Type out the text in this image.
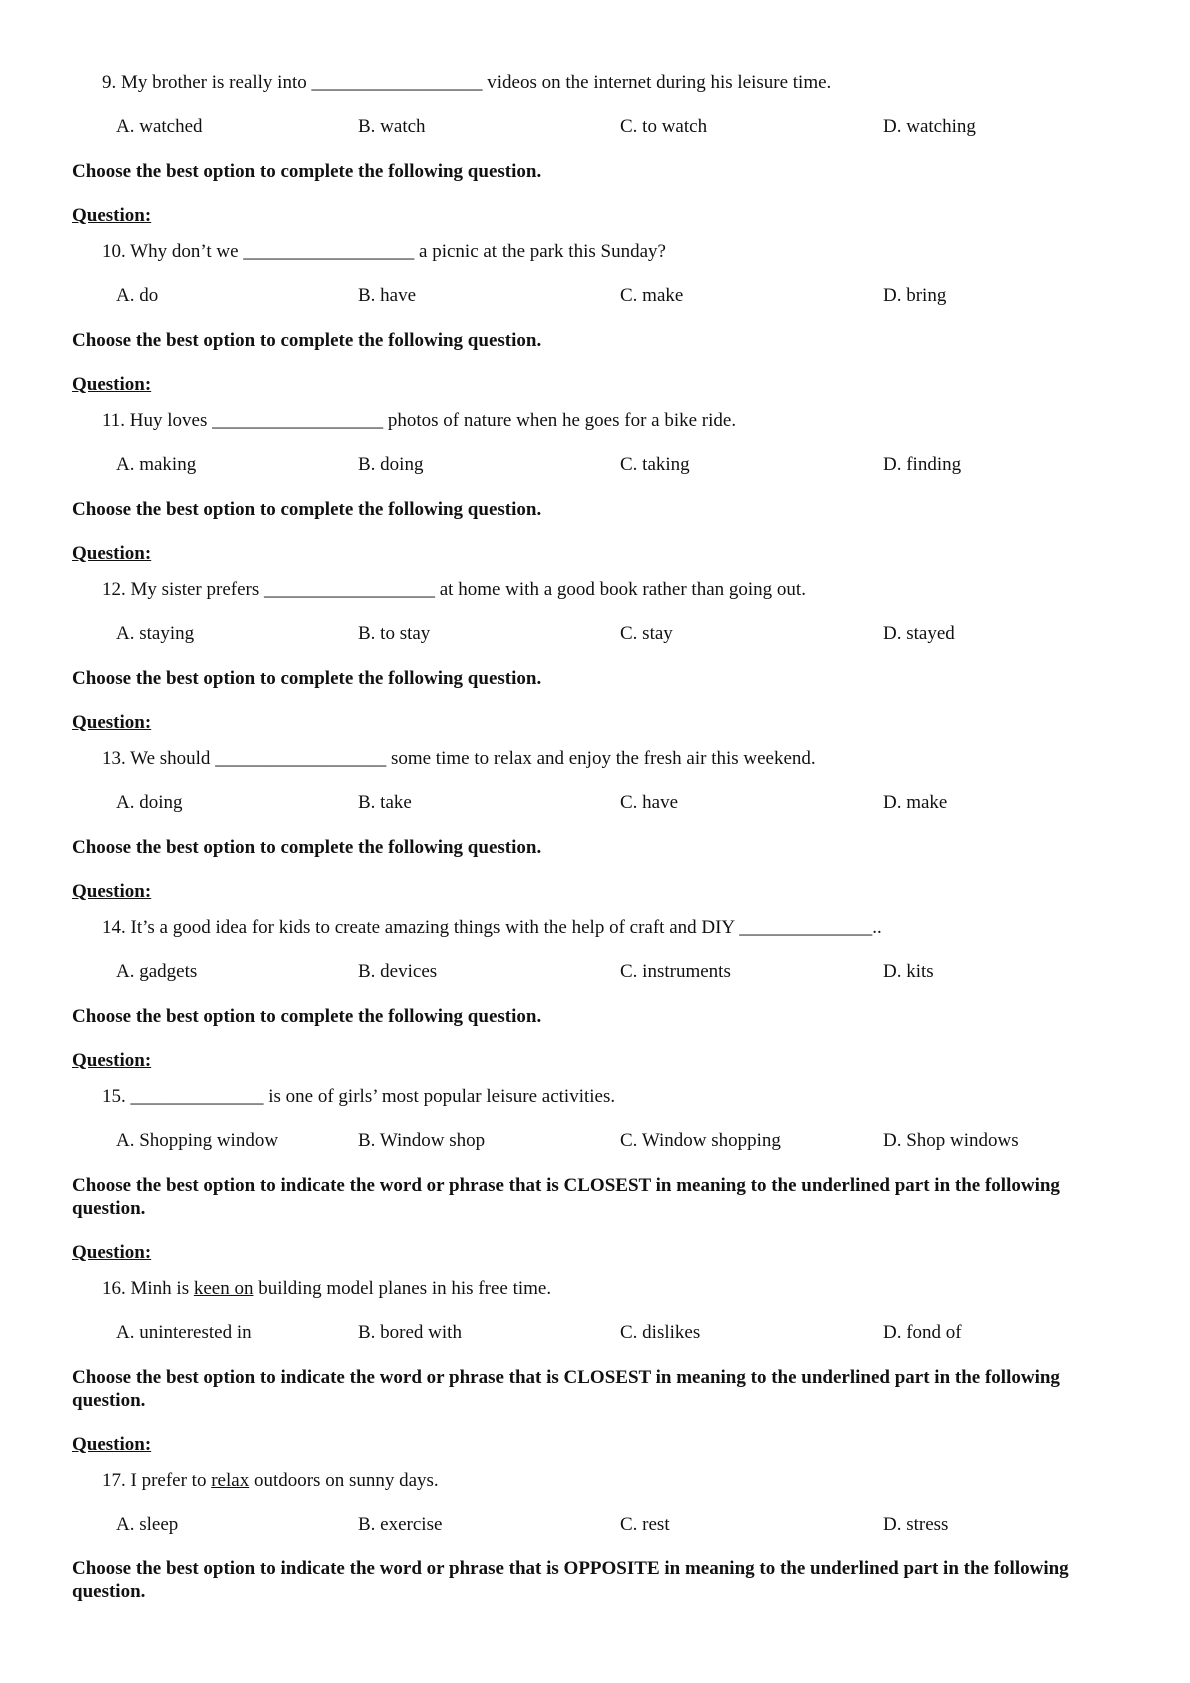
9. My brother is really into __________________ videos on the internet during his leisure time.
A. watched	B. watch	C. to watch	D. watching
Choose the best option to complete the following question.
Question:
10. Why don’t we __________________ a picnic at the park this Sunday?
A. do	B. have	C. make	D. bring
Choose the best option to complete the following question.
Question:
11. Huy loves __________________ photos of nature when he goes for a bike ride.
A. making	B. doing	C. taking	D. finding
Choose the best option to complete the following question.
Question:
12. My sister prefers __________________ at home with a good book rather than going out.
A. staying	B. to stay	C. stay	D. stayed
Choose the best option to complete the following question.
Question:
13. We should __________________ some time to relax and enjoy the fresh air this weekend.
A. doing	B. take	C. have	D. make
Choose the best option to complete the following question.
Question:
14. It’s a good idea for kids to create amazing things with the help of craft and DIY ______________..
A. gadgets	B. devices	C. instruments	D. kits
Choose the best option to complete the following question.
Question:
15. ______________ is one of girls’ most popular leisure activities.
A. Shopping window	B. Window shop	C. Window shopping	D. Shop windows
Choose the best option to indicate the word or phrase that is CLOSEST in meaning to the underlined part in the following question.
Question:
16. Minh is keen on building model planes in his free time.
A. uninterested in	B. bored with	C. dislikes	D. fond of
Choose the best option to indicate the word or phrase that is CLOSEST in meaning to the underlined part in the following question.
Question:
17. I prefer to relax outdoors on sunny days.
A. sleep	B. exercise	C. rest	D. stress
Choose the best option to indicate the word or phrase that is OPPOSITE in meaning to the underlined part in the following question.
